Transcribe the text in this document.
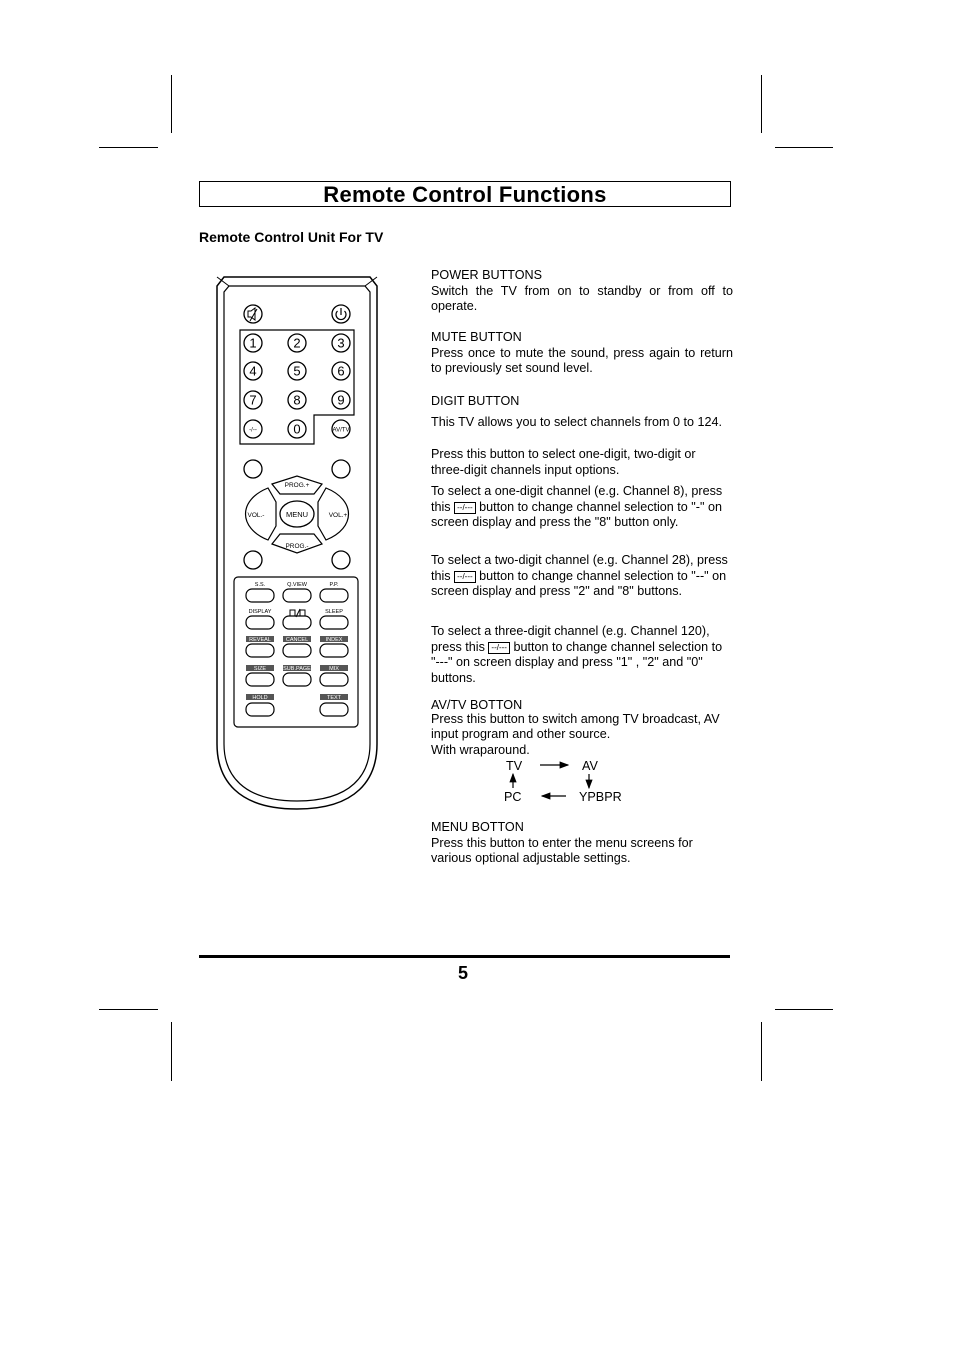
Remote Control Functions
Remote Control Unit For TV
1	2	3
4	5	6
7	8	9
-/--	0	AV/TV
PROG.+
PROG.-
VOL.-	VOL.+
MENU
S.S.	Q.VIEW	P.P.
DISPLAY	SLEEP
REVEAL	CANCEL	INDEX
SIZE	SUB.PAGE	MIX
HOLD	TEXT
POWER BUTTONS
Switch the TV from on to standby or from off to operate.
MUTE BUTTON
Press once to mute the sound, press again to return to previously set sound level.
DIGIT BUTTON
This TV allows you to select channels from 0 to 124.
Press this button to select one-digit, two-digit or three-digit channels input options.
To select a one-digit channel (e.g. Channel 8), press this --/--- button to change channel selection to "-" on screen display and press the "8" button only.
To select a two-digit channel (e.g. Channel 28), press this --/--- button to change channel selection to "--" on screen display and press "2" and "8" buttons.
To select a three-digit channel (e.g. Channel 120), press this --/--- button to change channel selection to "---" on screen display and press "1" , "2" and "0" buttons.
AV/TV BOTTON
Press this button to switch among TV broadcast, AV input program and other source.
With wraparound.
TV	AV
YPBPR
PC
MENU BOTTON
Press this button to enter the menu screens for various optional adjustable settings.
5
